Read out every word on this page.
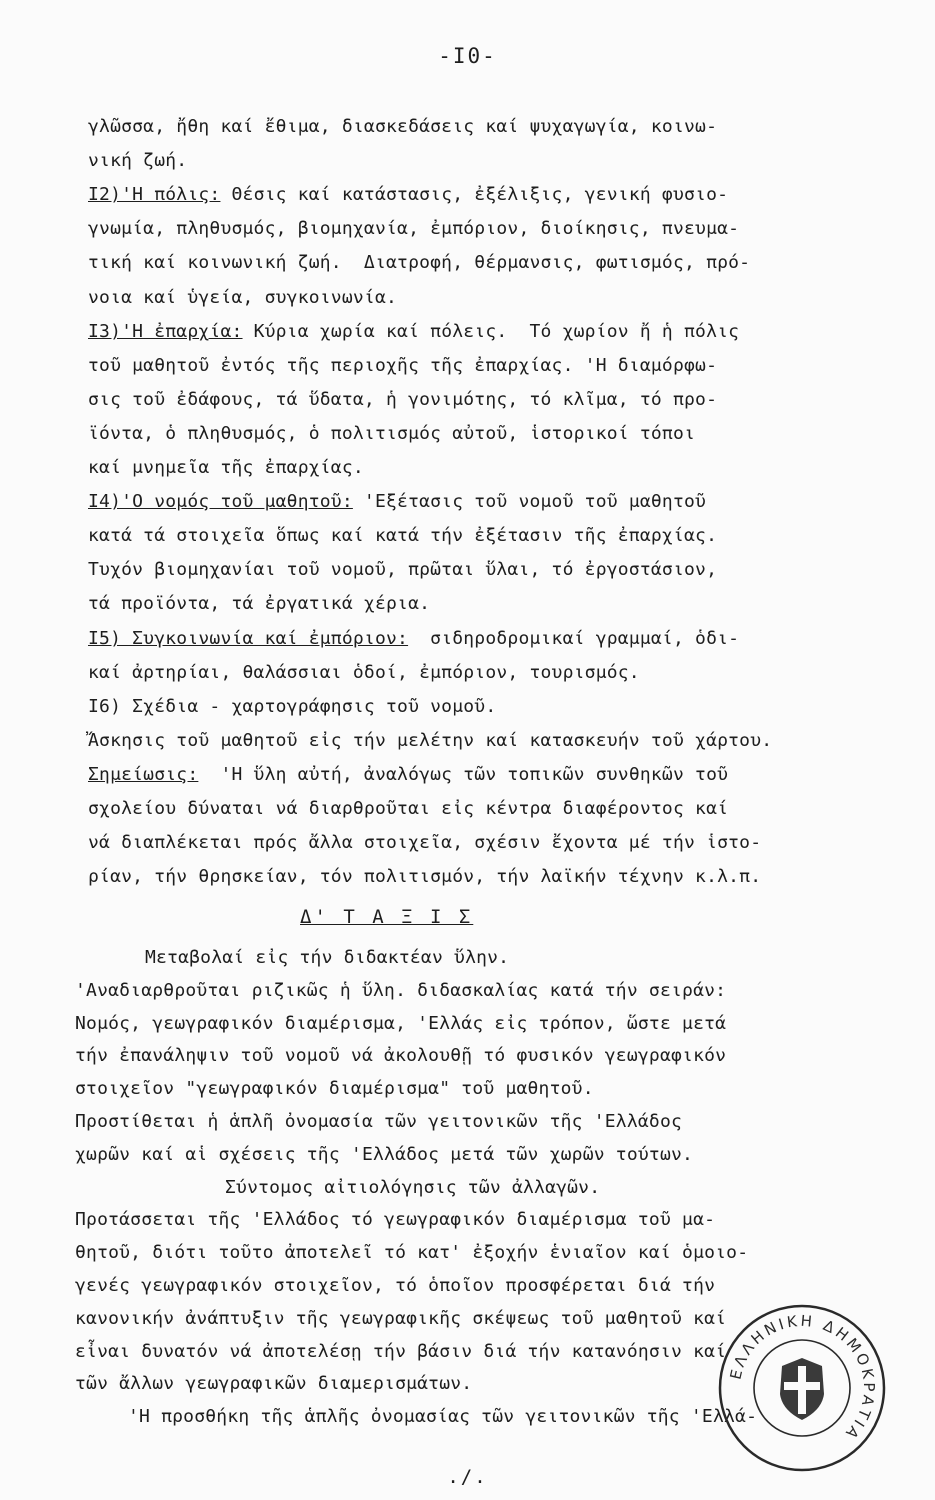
-Ι0-
γλῶσσα, ἤθη καί ἔθιμα, διασκεδάσεις καί ψυχαγωγία, κοινω-
νική ζωή.
Ι2)'Η πόλις: Θέσις καί κατάστασις, ἐξέλιξις, γενική φυσιο-
γνωμία, πληθυσμός, βιομηχανία, ἐμπόριον, διοίκησις, πνευμα-
τική καί κοινωνική ζωή.  Διατροφή, θέρμανσις, φωτισμός, πρό-
νοια καί ὑγεία, συγκοινωνία.
Ι3)'Η ἐπαρχία: Κύρια χωρία καί πόλεις.  Τό χωρίον ἤ ἡ πόλις
τοῦ μαθητοῦ ἐντός τῆς περιοχῆς τῆς ἐπαρχίας. 'Η διαμόρφω-
σις τοῦ ἐδάφους, τά ὕδατα, ἡ γονιμότης, τό κλῖμα, τό προ-
ϊόντα, ὁ πληθυσμός, ὁ πολιτισμός αὐτοῦ, ἱστορικοί τόποι
καί μνημεῖα τῆς ἐπαρχίας.
Ι4)'Ο νομός τοῦ μαθητοῦ: 'Εξέτασις τοῦ νομοῦ τοῦ μαθητοῦ
κατά τά στοιχεῖα ὅπως καί κατά τήν ἐξέτασιν τῆς ἐπαρχίας.
Τυχόν βιομηχανίαι τοῦ νομοῦ, πρῶται ὕλαι, τό ἐργοστάσιον,
τά προϊόντα, τά ἐργατικά χέρια.
Ι5) Συγκοινωνία καί ἐμπόριον:  σιδηροδρομικαί γραμμαί, ὁδι-
καί ἀρτηρίαι, θαλάσσιαι ὁδοί, ἐμπόριον, τουρισμός.
Ι6) Σχέδια - χαρτογράφησις τοῦ νομοῦ.
Ἄσκησις τοῦ μαθητοῦ εἰς τήν μελέτην καί κατασκευήν τοῦ χάρτου.
Σημείωσις:  'Η ὕλη αὐτή, ἀναλόγως τῶν τοπικῶν συνθηκῶν τοῦ
σχολείου δύναται νά διαρθροῦται εἰς κέντρα διαφέροντος καί
νά διαπλέκεται πρός ἄλλα στοιχεῖα, σχέσιν ἔχοντα μέ τήν ἱστο-
ρίαν, τήν θρησκείαν, τόν πολιτισμόν, τήν λαϊκήν τέχνην κ.λ.π.
Δ' Τ Α Ξ Ι Σ
Μεταβολαί εἰς τήν διδακτέαν ὕλην.
'Αναδιαρθροῦται ριζικῶς ἡ ὕλη. διδασκαλίας κατά τήν σειράν:
Νομός, γεωγραφικόν διαμέρισμα, 'Ελλάς εἰς τρόπον, ὥστε μετά
τήν ἐπανάληψιν τοῦ νομοῦ νά ἀκολουθῇ τό φυσικόν γεωγραφικόν
στοιχεῖον "γεωγραφικόν διαμέρισμα" τοῦ μαθητοῦ.
Προστίθεται ἡ ἁπλῆ ὀνομασία τῶν γειτονικῶν τῆς 'Ελλάδος
χωρῶν καί αἱ σχέσεις τῆς 'Ελλάδος μετά τῶν χωρῶν τούτων.
Σύντομος αἰτιολόγησις τῶν ἀλλαγῶν.
Προτάσσεται τῆς 'Ελλάδος τό γεωγραφικόν διαμέρισμα τοῦ μα-
θητοῦ, διότι τοῦτο ἀποτελεῖ τό κατ' ἐξοχήν ἑνιαῖον καί ὁμοιο-
γενές γεωγραφικόν στοιχεῖον, τό ὁποῖον προσφέρεται διά τήν
κανονικήν ἀνάπτυξιν τῆς γεωγραφικῆς σκέψεως τοῦ μαθητοῦ καί
εἶναι δυνατόν νά ἀποτελέσῃ τήν βάσιν διά τήν κατανόησιν καί
τῶν ἄλλων γεωγραφικῶν διαμερισμάτων.
'Η προσθήκη τῆς ἁπλῆς ὀνομασίας τῶν γειτονικῶν τῆς 'Ελλά-
ΕΛΛΗΝΙΚΗ ΔΗΜΟΚΡΑΤΙΑ
./.
